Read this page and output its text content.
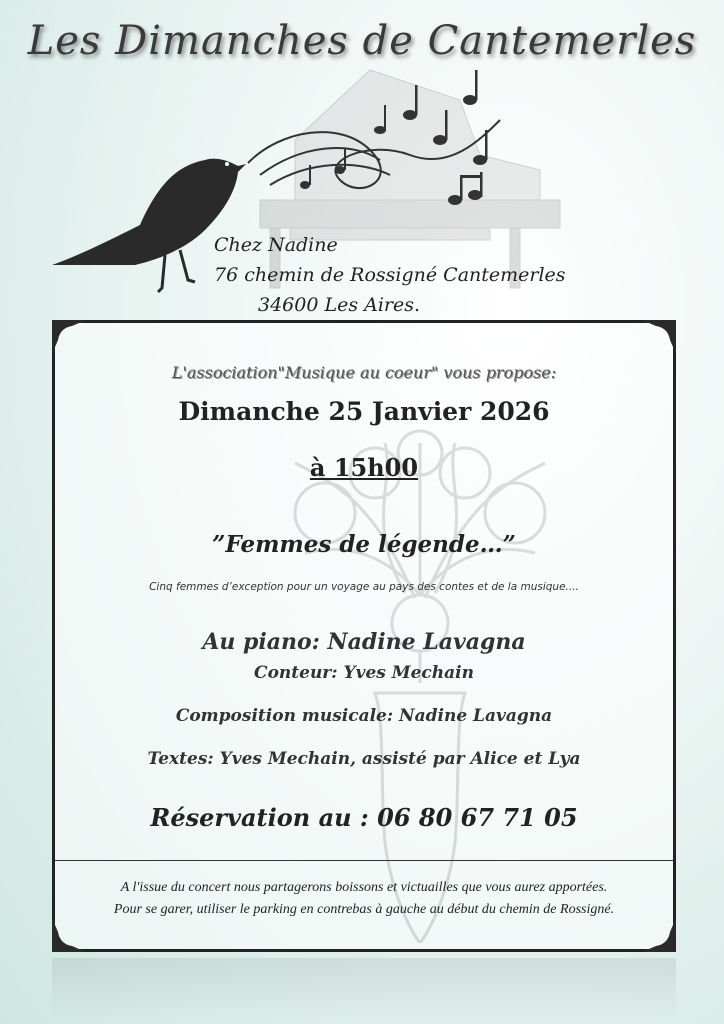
Les Dimanches de Cantemerles
Chez Nadine
76 chemin de Rossigné Cantemerles
34600 Les Aires.
L'association"Musique au coeur" vous propose:
Dimanche 25 Janvier 2026
à 15h00
”Femmes de légende…”
Cinq femmes d’exception pour un voyage au pays des contes et de la musique....
Au piano: Nadine Lavagna
Conteur: Yves Mechain
Composition musicale: Nadine Lavagna
Textes: Yves Mechain, assisté par Alice et Lya
Réservation au : 06 80 67 71 05
A l'issue du concert nous partagerons boissons et victuailles que vous aurez apportées.
Pour se garer, utiliser le parking en contrebas à gauche au début du chemin de Rossigné.
